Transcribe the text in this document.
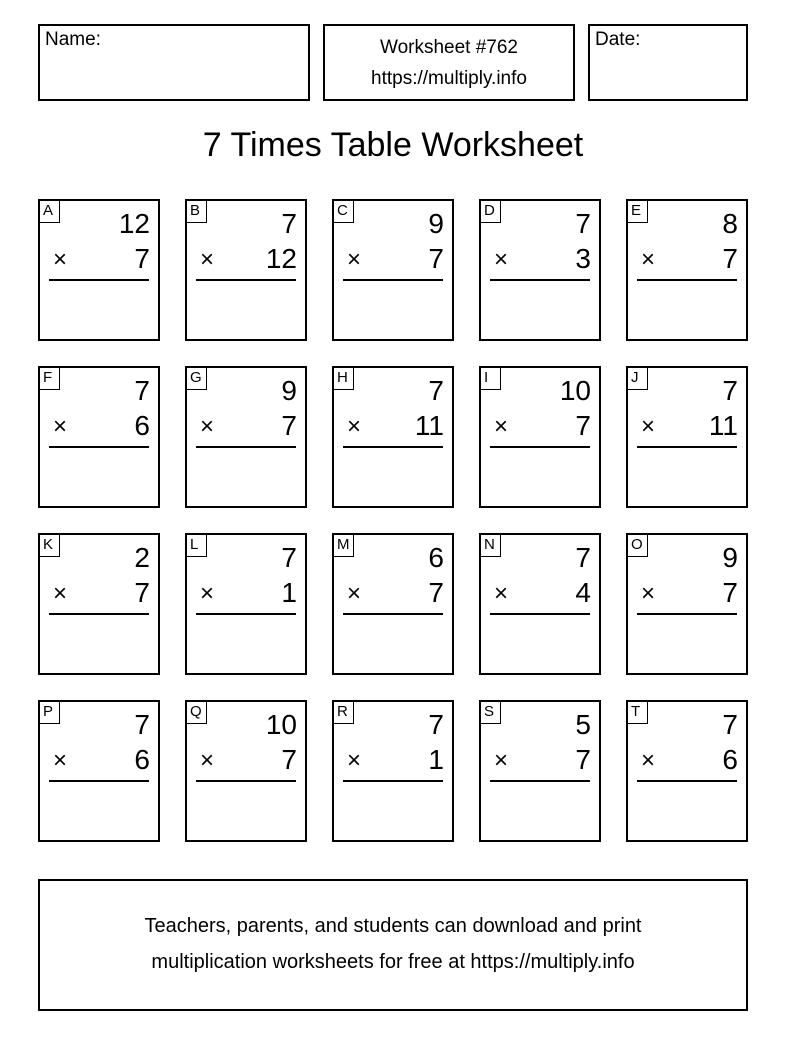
Name:	Worksheet #762
https://multiply.info
Date:
7 Times Table Worksheet
A 12
× 7
B	7
× 12
C	9
× 7
D	7
× 3
E	8
× 7
F	7
× 6
G	9
× 7
H	7
× 11
I	10
× 7
J	7
× 11
K	2
× 7
L	7
× 1
M	6
× 7
N	7
× 4
O	9
× 7
P	7
× 6
Q 10
× 7
R	7
× 1
S	5
× 7
T	7
× 6
Teachers, parents, and students can download and print
multiplication worksheets for free at https://multiply.info
